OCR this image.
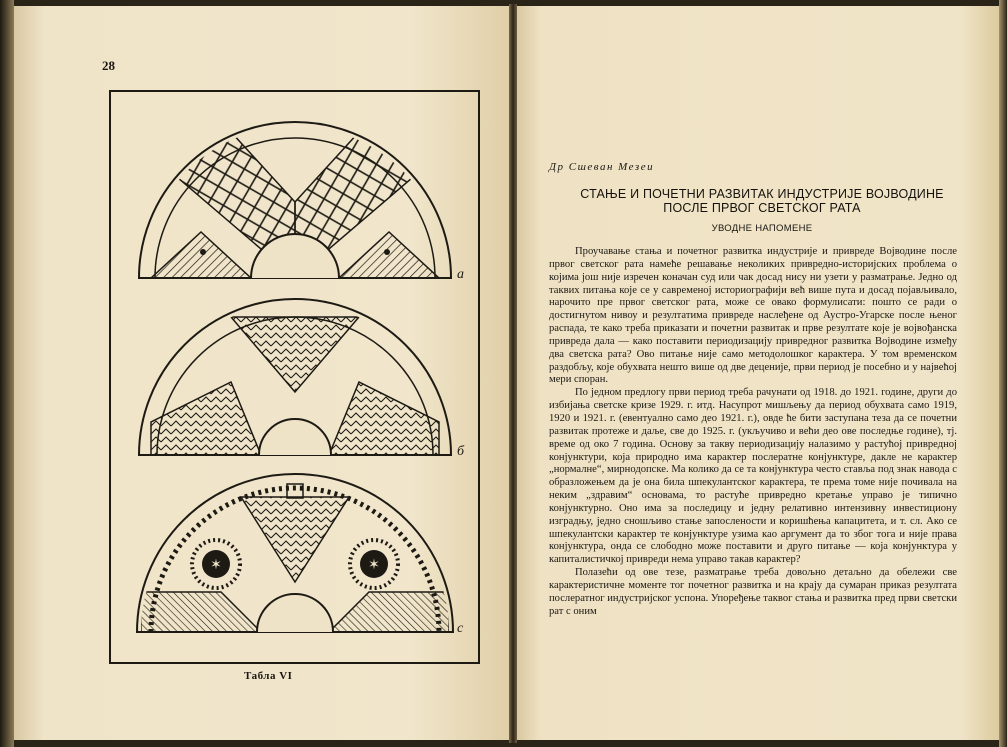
28
а
б
✶	✶
с
Табла VI
Др Сшеван Мезеи
СТАЊЕ И ПОЧЕТНИ РАЗВИТАК ИНДУСТРИЈЕ ВОЈВОДИНЕ
ПОСЛЕ ПРВОГ СВЕТСКОГ РАТА
УВОДНЕ НАПОМЕНЕ

Проучавање стања и почетног развитка индустрије и привреде Војводине после првог светског рата намеће решавање неколиких привредно-историјских проблема о којима још није изречен коначан суд или чак досад нису ни узети у разматрање. Једно од таквих питања које се у савременој историографији већ више пута и досад појављивало, нарочито пре првог светског рата, може се овако формулисати: пошто се ради о достигнутом нивоу и резултатима привреде наслеђене од Аустро-Угарске после њеног распада, те како треба приказати и почетни развитак и прве резултате које је војвођанска привреда дала — како поставити периодизацију привредног развитка Војводине између два светска рата? Ово питање није само методолошког карактера. У том временском раздобљу, које обухвата нешто више од две деценије, први период је посебно и у највећој мери споран.

По једном предлогу први период треба рачунати од 1918. до 1921. године, други до избијања светске кризе 1929. г. итд. Насупрот мишљењу да период обухвата само 1919, 1920 и 1921. г. (евентуално само део 1921. г.), овде ће бити заступана теза да се почетни развитак протеже и даље, све до 1925. г. (укључиво и већи део ове последње године), тј. време од око 7 година. Основу за такву периодизацију налазимо у растућој привредној конјунктури, која природно има карактер послератне конјунктуре, дакле не карактер „нормалне“, мирнодопске. Ма колико да се та конјунктура често ставља под знак навода с образложењем да је она била шпекулантског карактера, те према томе није почивала на неким „здравим“ основама, то растуће привредно кретање управо је типично конјунктурно. Оно има за последицу и једну релативно интензивну инвестициону изградњу, једно сношљиво стање запослености и коришћења капацитета, и т. сл. Ако се шпекулантски карактер те конјунктуре узима као аргумент да то због тога и није права конјунктура, онда се слободно може поставити и друго питање — која конјунктура у капиталистичкој привреди нема управо такав карактер?

Полазећи од ове тезе, разматрање треба довољно детаљно да обележи све карактеристичне моменте тог почетног развитка и на крају да сумаран приказ резултата послератног индустријског успона. Упоређење таквог стања и развитка пред први светски рат с оним
